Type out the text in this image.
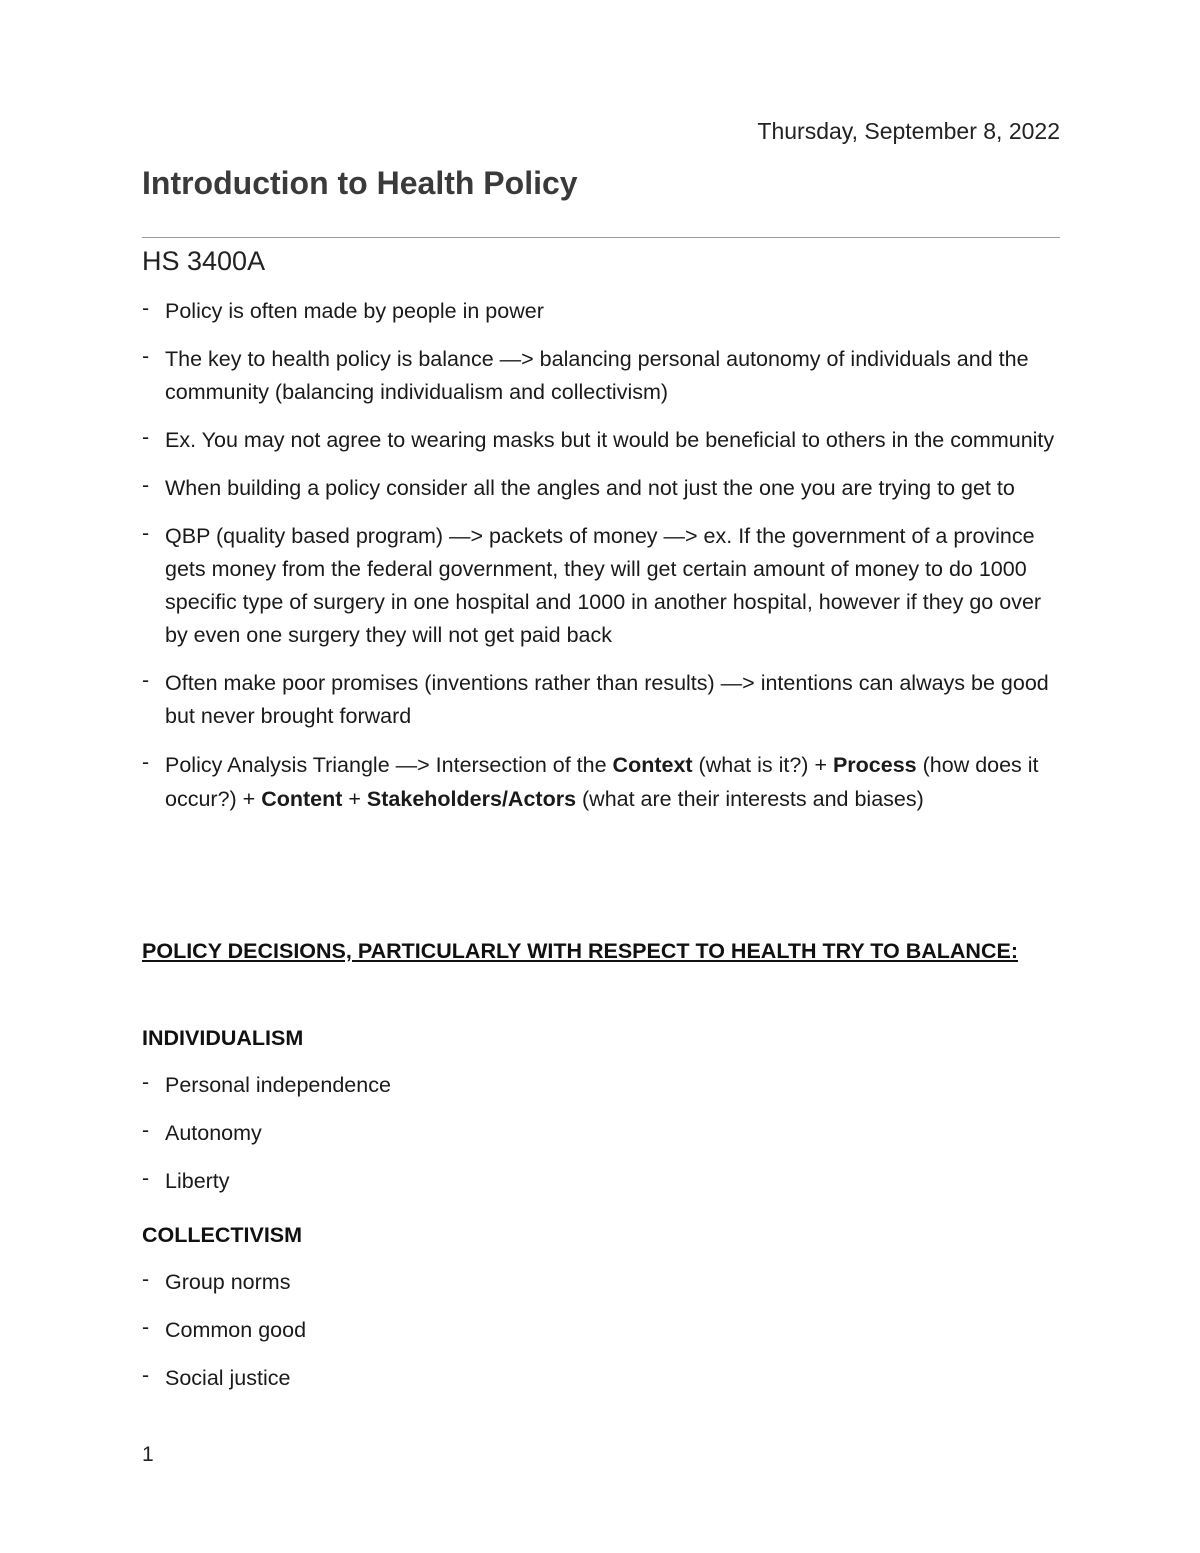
Thursday, September 8, 2022
Introduction to Health Policy
HS 3400A
- Policy is often made by people in power
- The key to health policy is balance —> balancing personal autonomy of individuals and the community (balancing individualism and collectivism)
- Ex. You may not agree to wearing masks but it would be beneficial to others in the community
- When building a policy consider all the angles and not just the one you are trying to get to
- QBP (quality based program) —> packets of money —> ex. If the government of a province gets money from the federal government, they will get certain amount of money to do 1000 specific type of surgery in one hospital and 1000 in another hospital, however if they go over by even one surgery they will not get paid back
- Often make poor promises (inventions rather than results) —> intentions can always be good but never brought forward
- Policy Analysis Triangle —> Intersection of the Context (what is it?) + Process (how does it occur?) + Content + Stakeholders/Actors (what are their interests and biases)

POLICY DECISIONS, PARTICULARLY WITH RESPECT TO HEALTH TRY TO BALANCE:

INDIVIDUALISM

- Personal independence
- Autonomy
- Liberty

COLLECTIVISM

- Group norms
- Common good
- Social justice
1
